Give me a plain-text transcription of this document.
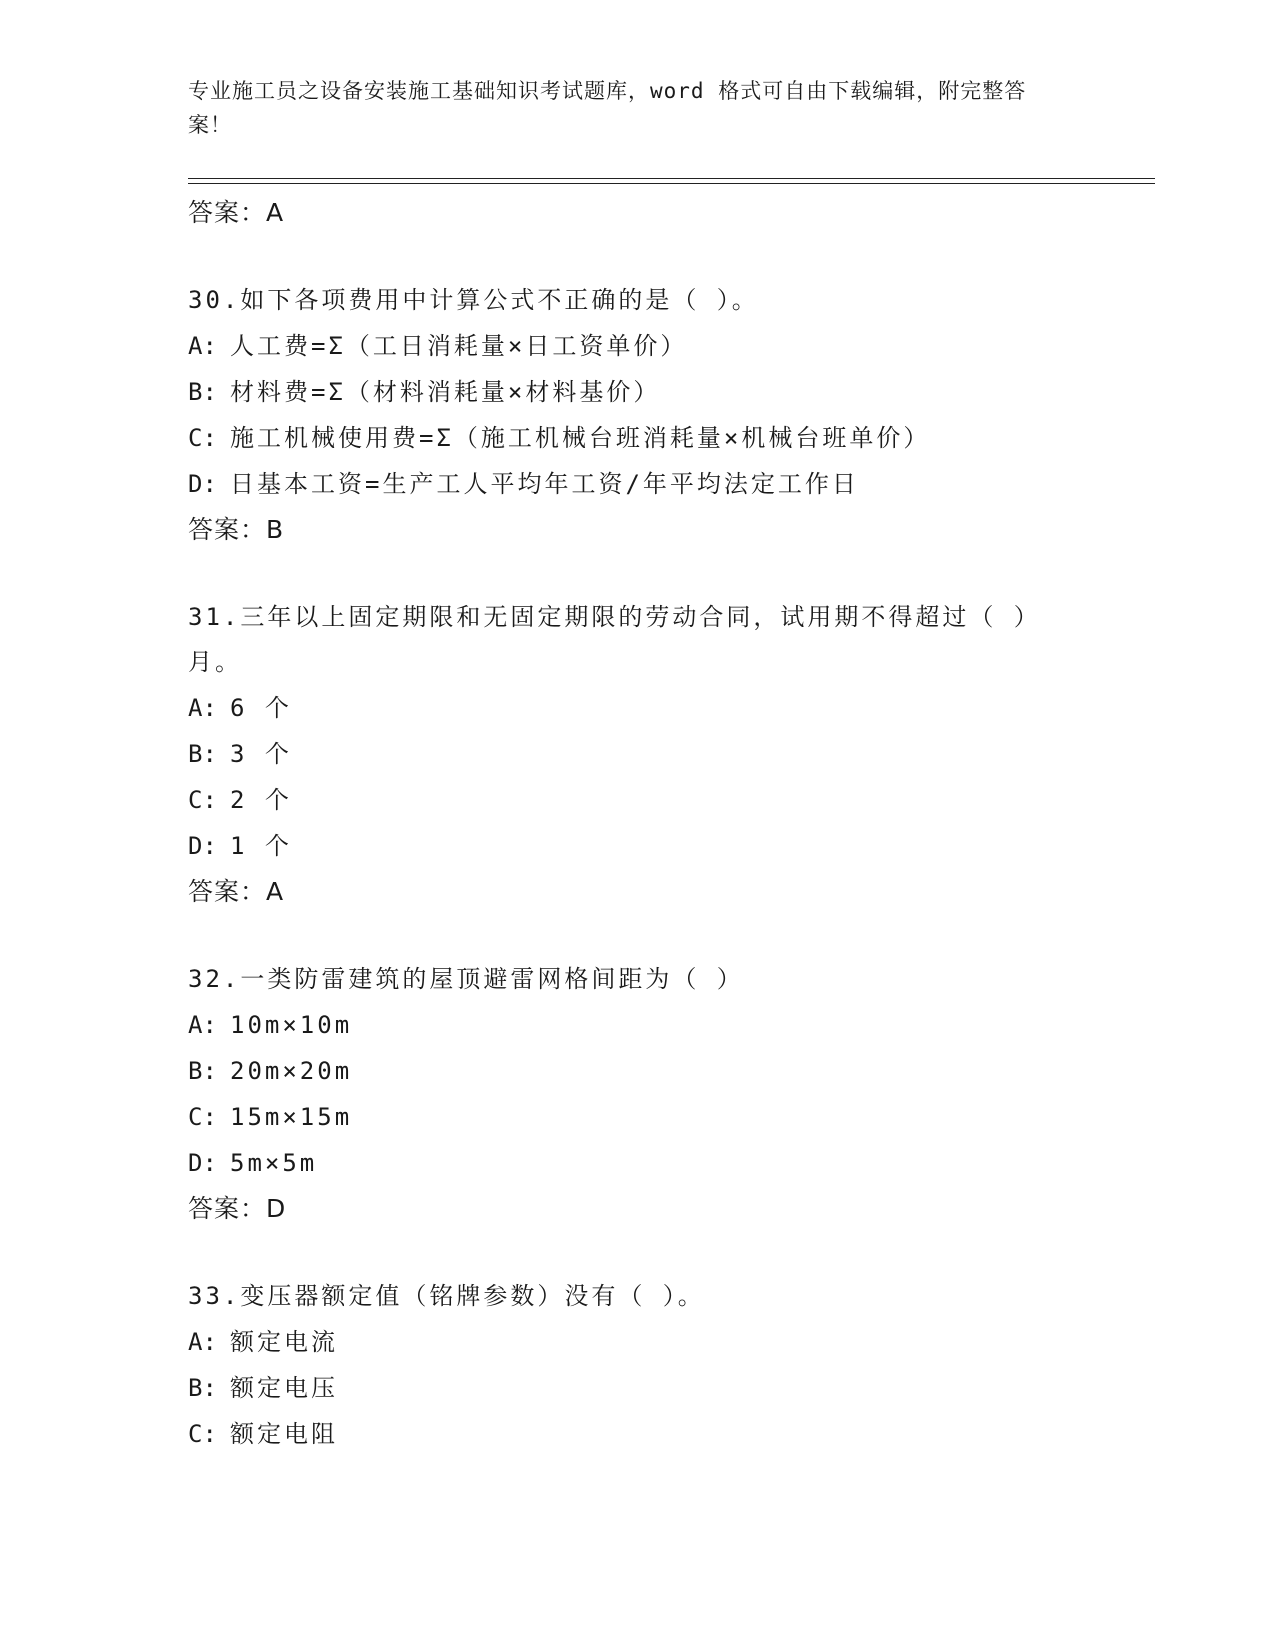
专业施工员之设备安装施工基础知识考试题库，word 格式可自由下载编辑，附完整答案！
答案：A
30.如下各项费用中计算公式不正确的是（ ）。
A: 人工费=Σ（工日消耗量×日工资单价）
B: 材料费=Σ（材料消耗量×材料基价）
C: 施工机械使用费=Σ（施工机械台班消耗量×机械台班单价）
D: 日基本工资=生产工人平均年工资/年平均法定工作日
答案：B
31.三年以上固定期限和无固定期限的劳动合同，试用期不得超过（ ）月。
A: 6 个
B: 3 个
C: 2 个
D: 1 个
答案：A
32.一类防雷建筑的屋顶避雷网格间距为（ ）
A: 10m×10m
B: 20m×20m
C: 15m×15m
D: 5m×5m
答案：D
33.变压器额定值（铭牌参数）没有（ ）。
A: 额定电流
B: 额定电压
C: 额定电阻
